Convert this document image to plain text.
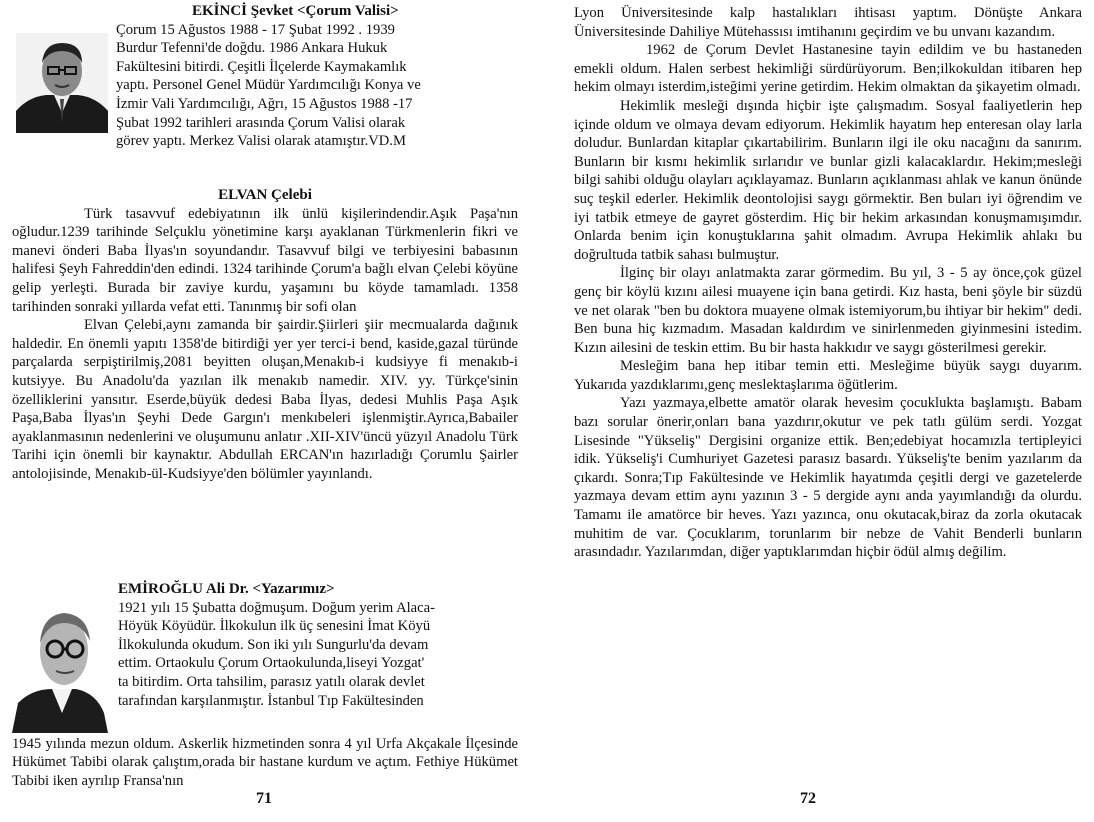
EKİNCİ Şevket <Çorum Valisi>

Çorum 15 Ağustos 1988 - 17 Şubat 1992 . 1939

Burdur Tefenni'de doğdu. 1986 Ankara Hukuk

Fakültesini bitirdi. Çeşitli İlçelerde Kaymakamlık

yaptı. Personel Genel Müdür Yardımcılığı Konya ve

İzmir Vali Yardımcılığı, Ağrı, 15 Ağustos 1988 -17

Şubat 1992 tarihleri arasında Çorum Valisi olarak

görev yaptı. Merkez Valisi olarak atamıştır.VD.M

ELVAN Çelebi

Türk tasavvuf edebiyatının ilk ünlü kişilerindendir.Aşık Paşa'nın oğludur.1239 tarihinde Selçuklu yönetimine karşı ayaklanan Türkmenlerin fikri ve manevi önderi Baba İlyas'ın soyundandır. Tasavvuf bilgi ve terbiyesini babasının halifesi Şeyh Fahreddin'den edindi. 1324 tarihinde Çorum'a bağlı elvan Çelebi köyüne gelip yerleşti. Burada bir zaviye kurdu, yaşamını bu köyde tamamladı. 1358 tarihinden sonraki yıllarda vefat etti. Tanınmış bir sofi olan

Elvan Çelebi,aynı zamanda bir şairdir.Şiirleri şiir mecmualarda dağınık haldedir. En önemli yapıtı 1358'de bitirdiği yer yer terci-i bend, kaside,gazal türünde parçalarda serpiştirilmiş,2081 beyitten oluşan,Menakıb-i kudsiyye fi menakıb-i kutsiyye. Bu Anadolu'da yazılan ilk menakıb namedir. XIV. yy. Türkçe'sinin özelliklerini yansıtır. Eserde,büyük dedesi Baba İlyas, dedesi Muhlis Paşa Aşık Paşa,Baba İlyas'ın Şeyhi Dede Gargın'ı menkıbeleri işlenmiştir.Ayrıca,Babailer ayaklanmasının nedenlerini ve oluşumunu anlatır .XII-XIV'üncü yüzyıl Anadolu Türk Tarihi için önemli bir kaynaktır. Abdullah ERCAN'ın hazırladığı Çorumlu Şairler antolojisinde, Menakıb-ül-Kudsiyye'den bölümler yayınlandı.

EMİROĞLU Ali Dr. <Yazarımız>

1921 yılı 15 Şubatta doğmuşum. Doğum yerim Alaca-

Höyük Köyüdür. İlkokulun ilk üç senesini İmat Köyü

İlkokulunda okudum. Son iki yılı Sungurlu'da devam

ettim. Ortaokulu Çorum Ortaokulunda,liseyi Yozgat'

ta bitirdim. Orta tahsilim, parasız yatılı olarak devlet

tarafından karşılanmıştır. İstanbul Tıp Fakültesinden

1945 yılında mezun oldum. Askerlik hizmetinden sonra 4 yıl Urfa Akçakale İlçesinde Hükümet Tabibi olarak çalıştım,orada bir hastane kurdum ve açtım. Fethiye Hükümet Tabibi iken ayrılıp Fransa'nın

71

Lyon Üniversitesinde kalp hastalıkları ihtisası yaptım. Dönüşte Ankara Üniversitesinde Dahiliye Mütehassısı imtihanını geçirdim ve bu unvanı kazandım.

1962 de Çorum Devlet Hastanesine tayin edildim ve bu hastaneden emekli oldum. Halen serbest hekimliği sürdürüyorum. Ben;ilkokuldan itibaren hep hekim olmayı isterdim,isteğimi yerine getirdim. Hekim olmaktan da şikayetim olmadı.

Hekimlik mesleği dışında hiçbir işte çalışmadım. Sosyal faaliyetlerin hep içinde oldum ve olmaya devam ediyorum. Hekimlik hayatım hep enteresan olay larla doludur. Bunlardan kitaplar çıkartabilirim. Bunların ilgi ile oku nacağını da sanırım. Bunların bir kısmı hekimlik sırlarıdır ve bunlar gizli kalacaklardır. Hekim;mesleği bilgi sahibi olduğu olayları açıklayamaz. Bunların açıklanması ahlak ve kanun önünde suç teşkil ederler. Hekimlik deontolojisi saygı görmektir. Ben buları iyi öğrendim ve iyi tatbik etmeye de gayret gösterdim. Hiç bir hekim arkasından konuşmamışımdır. Onlarda benim için konuştuklarına şahit olmadım. Avrupa Hekimlik ahlakı bu doğrultuda tatbik sahası bulmuştur.

İlginç bir olayı anlatmakta zarar görmedim. Bu yıl, 3 - 5 ay önce,çok güzel genç bir köylü kızını ailesi muayene için bana getirdi. Kız hasta, beni şöyle bir süzdü ve net olarak "ben bu doktora muayene olmak istemiyorum,bu ihtiyar bir hekim" dedi. Ben buna hiç kızmadım. Masadan kaldırdım ve sinirlenmeden giyinmesini istedim. Kızın ailesini de teskin ettim. Bu bir hasta hakkıdır ve saygı gösterilmesi gerekir.

Mesleğim bana hep itibar temin etti. Mesleğime büyük saygı duyarım. Yukarıda yazdıklarımı,genç meslektaşlarıma öğütlerim.

Yazı yazmaya,elbette amatör olarak hevesim çocuklukta başlamıştı. Babam bazı sorular önerir,onları bana yazdırır,okutur ve pek tatlı gülüm serdi. Yozgat Lisesinde "Yükseliş" Dergisini organize ettik. Ben;edebiyat hocamızla tertipleyici idik. Yükseliş'i Cumhuriyet Gazetesi parasız basardı. Yükseliş'te benim yazılarım da çıkardı. Sonra;Tıp Fakültesinde ve Hekimlik hayatımda çeşitli dergi ve gazetelerde yazmaya devam ettim aynı yazının 3 - 5 dergide aynı anda yayımlandığı da olurdu. Tamamı ile amatörce bir heves. Yazı yazınca, onu okutacak,biraz da zorla okutacak muhitim de var. Çocuklarım, torunlarım bir nebze de Vahit Benderli bunların arasındadır. Yazılarımdan, diğer yaptıklarımdan hiçbir ödül almış değilim.

72
